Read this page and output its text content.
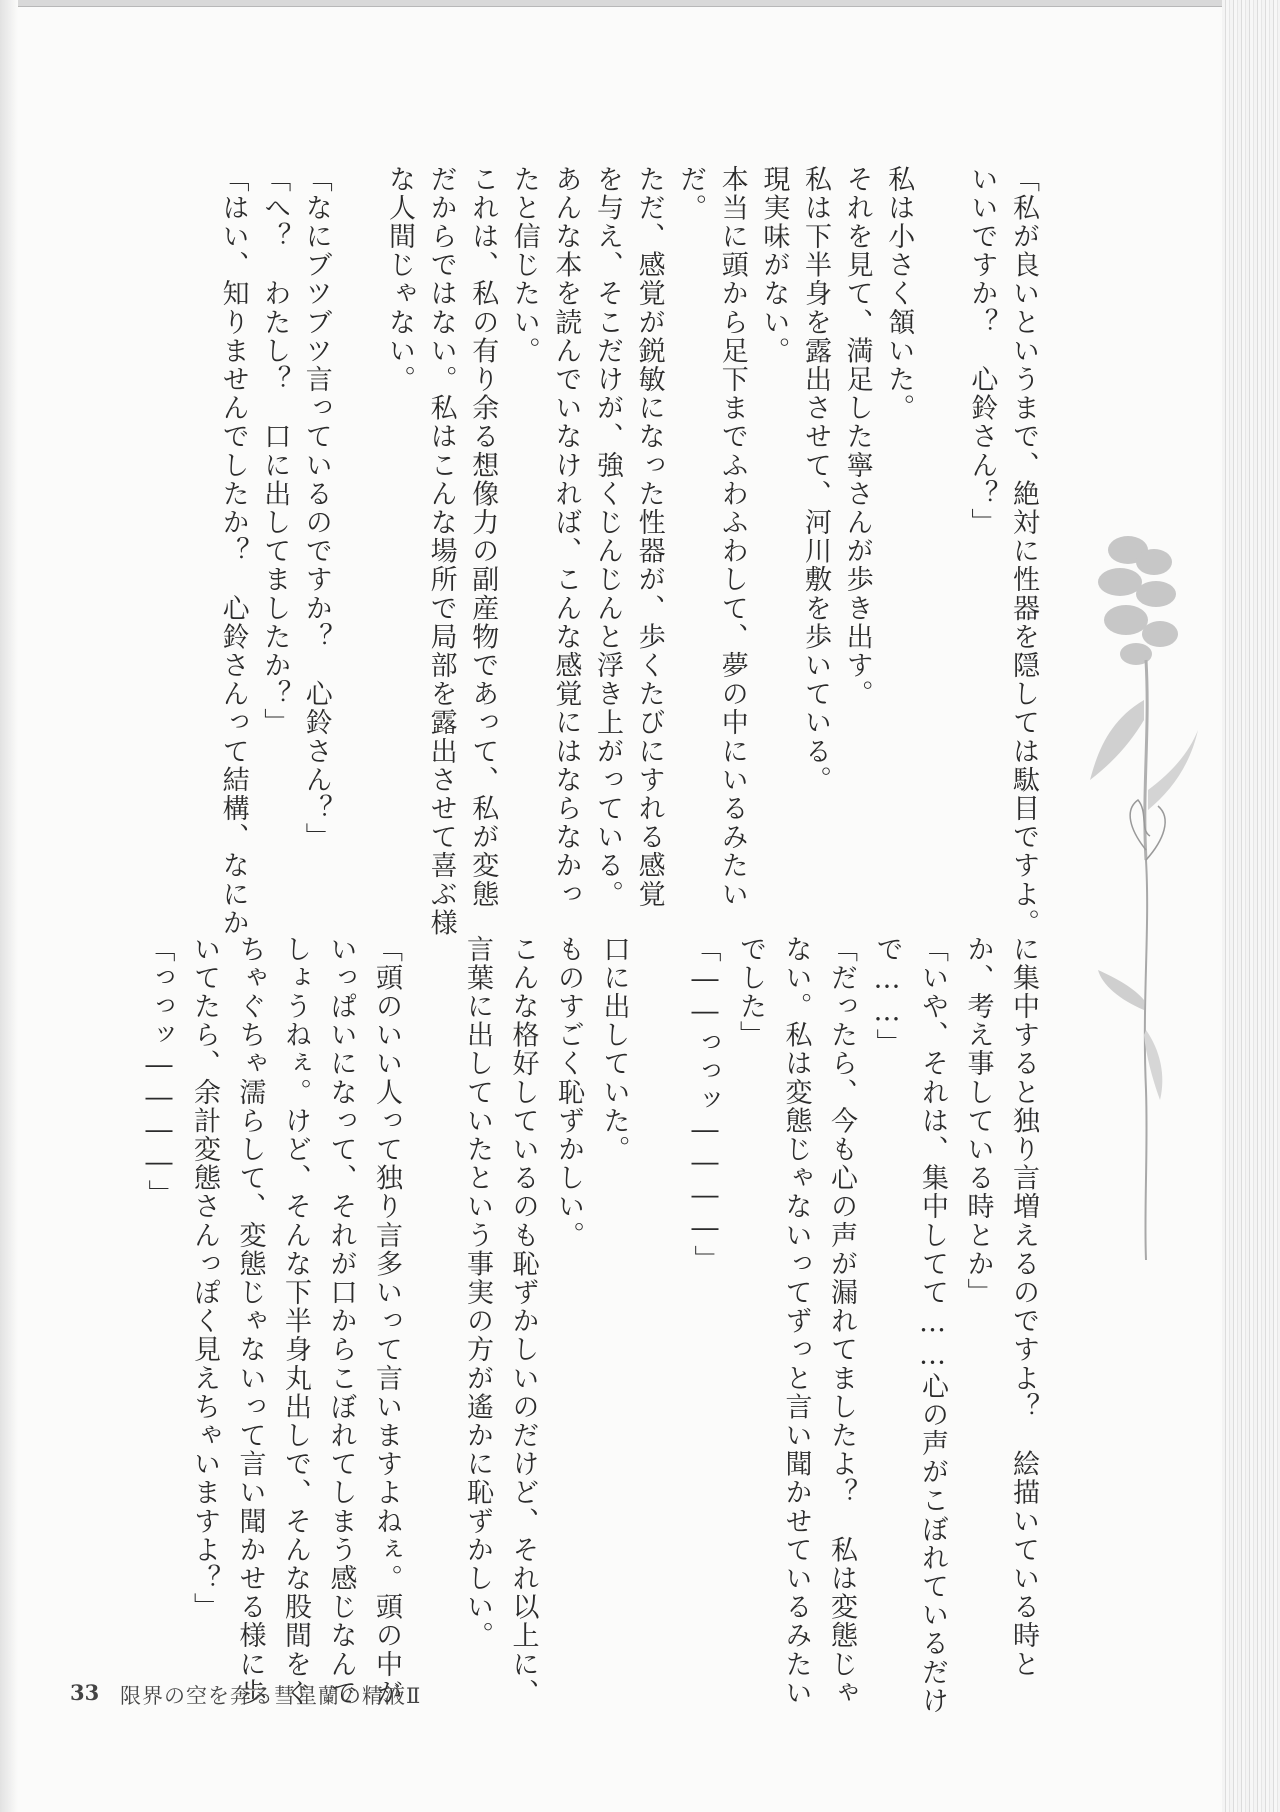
「私が良いというまで、絶対に性器を隠しては駄目ですよ。
いいですか？　心鈴さん？」
私は小さく頷いた。
それを見て、満足した寧さんが歩き出す。
私は下半身を露出させて、河川敷を歩いている。
現実味がない。
本当に頭から足下までふわふわして、夢の中にいるみたい
だ。
ただ、感覚が鋭敏になった性器が、歩くたびにすれる感覚
を与え、そこだけが、強くじんじんと浮き上がっている。
あんな本を読んでいなければ、こんな感覚にはならなかっ
たと信じたい。
これは、私の有り余る想像力の副産物であって、私が変態
だからではない。私はこんな場所で局部を露出させて喜ぶ様
な人間じゃない。
「なにブツブツ言っているのですか？　心鈴さん？」
「へ？　わたし？　口に出してましたか？」
「はい、知りませんでしたか？　心鈴さんって結構、なにか
に集中すると独り言増えるのですよ？　絵描いている時と
か、考え事している時とか」
「いや、それは、集中してて……心の声がこぼれているだけ
で……」
「だったら、今も心の声が漏れてましたよ？　私は変態じゃ
ない。私は変態じゃないってずっと言い聞かせているみたい
でした」
「――っっッ――――」
口に出していた。
ものすごく恥ずかしい。
こんな格好しているのも恥ずかしいのだけど、それ以上に、
言葉に出していたという事実の方が遙かに恥ずかしい。
「頭のいい人って独り言多いって言いますよねぇ。頭の中が
いっぱいになって、それが口からこぼれてしまう感じなんで
しょうねぇ。けど、そんな下半身丸出しで、そんな股間をぐ
ちゃぐちゃ濡らして、変態じゃないって言い聞かせる様に歩
いてたら、余計変態さんっぽく見えちゃいますよ？」
「っっッ――――」
33 限界の空を奔る彗星蘭の精液Ⅱ
